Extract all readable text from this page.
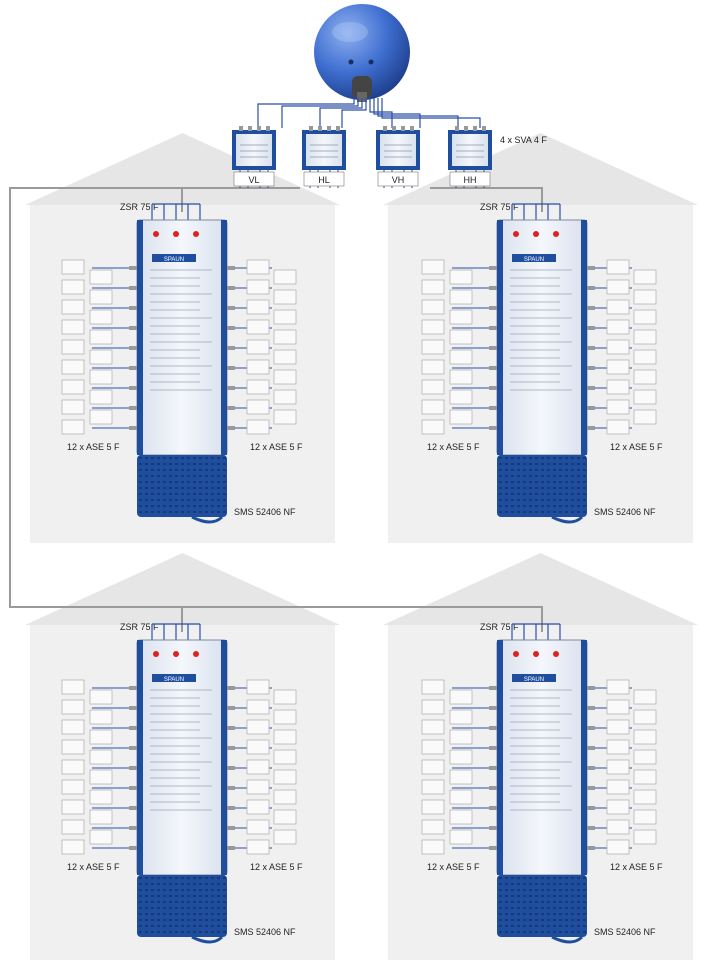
VL	HL	VH	HH
4 x SVA 4 F
ZSR 75 F
SPAUN
12 x ASE 5 F	12 x ASE 5 F
SMS 52406 NF
ZSR 75 F
SPAUN
12 x ASE 5 F	12 x ASE 5 F
SMS 52406 NF
ZSR 75 F
SPAUN
12 x ASE 5 F	12 x ASE 5 F
SMS 52406 NF
ZSR 75 F
SPAUN
12 x ASE 5 F	12 x ASE 5 F
SMS 52406 NF
